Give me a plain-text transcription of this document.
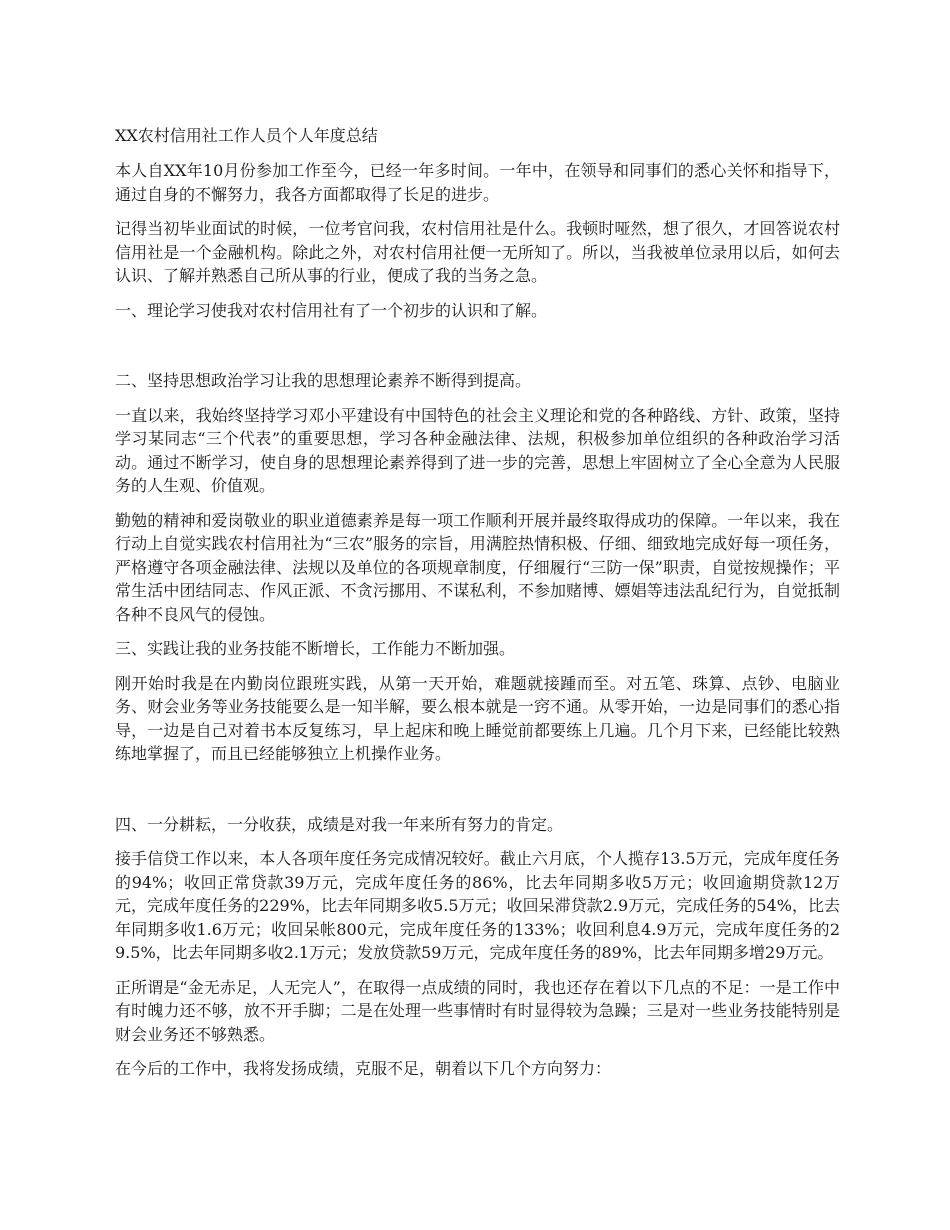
XX农村信用社工作人员个人年度总结

本人自XX年10月份参加工作至今，已经一年多时间。一年中，在领导和同事们的悉心关怀和指导下，通过自身的不懈努力，我各方面都取得了长足的进步。

记得当初毕业面试的时候，一位考官问我，农村信用社是什么。我顿时哑然，想了很久，才回答说农村信用社是一个金融机构。除此之外，对农村信用社便一无所知了。所以，当我被单位录用以后，如何去认识、了解并熟悉自己所从事的行业，便成了我的当务之急。

一、理论学习使我对农村信用社有了一个初步的认识和了解。

二、坚持思想政治学习让我的思想理论素养不断得到提高。

一直以来，我始终坚持学习邓小平建设有中国特色的社会主义理论和党的各种路线、方针、政策，坚持学习某同志“三个代表”的重要思想，学习各种金融法律、法规，积极参加单位组织的各种政治学习活动。通过不断学习，使自身的思想理论素养得到了进一步的完善，思想上牢固树立了全心全意为人民服务的人生观、价值观。

勤勉的精神和爱岗敬业的职业道德素养是每一项工作顺利开展并最终取得成功的保障。一年以来，我在行动上自觉实践农村信用社为“三农”服务的宗旨，用满腔热情积极、仔细、细致地完成好每一项任务，严格遵守各项金融法律、法规以及单位的各项规章制度，仔细履行“三防一保”职责，自觉按规操作；平常生活中团结同志、作风正派、不贪污挪用、不谋私利，不参加赌博、嫖娼等违法乱纪行为，自觉抵制各种不良风气的侵蚀。

三、实践让我的业务技能不断增长，工作能力不断加强。

刚开始时我是在内勤岗位跟班实践，从第一天开始，难题就接踵而至。对五笔、珠算、点钞、电脑业务、财会业务等业务技能要么是一知半解，要么根本就是一窍不通。从零开始，一边是同事们的悉心指导，一边是自己对着书本反复练习，早上起床和晚上睡觉前都要练上几遍。几个月下来，已经能比较熟练地掌握了，而且已经能够独立上机操作业务。

四、一分耕耘，一分收获，成绩是对我一年来所有努力的肯定。

接手信贷工作以来，本人各项年度任务完成情况较好。截止六月底，个人揽存13.5万元，完成年度任务的94%；收回正常贷款39万元，完成年度任务的86%，比去年同期多收5万元；收回逾期贷款12万元，完成年度任务的229%，比去年同期多收5.5万元；收回呆滞贷款2.9万元，完成任务的54%，比去年同期多收1.6万元；收回呆帐800元，完成年度任务的133%；收回利息4.9万元，完成年度任务的29.5%，比去年同期多收2.1万元；发放贷款59万元，完成年度任务的89%，比去年同期多增29万元。

正所谓是“金无赤足，人无完人”，在取得一点成绩的同时，我也还存在着以下几点的不足：一是工作中有时魄力还不够，放不开手脚；二是在处理一些事情时有时显得较为急躁；三是对一些业务技能特别是财会业务还不够熟悉。

在今后的工作中，我将发扬成绩，克服不足，朝着以下几个方向努力：
